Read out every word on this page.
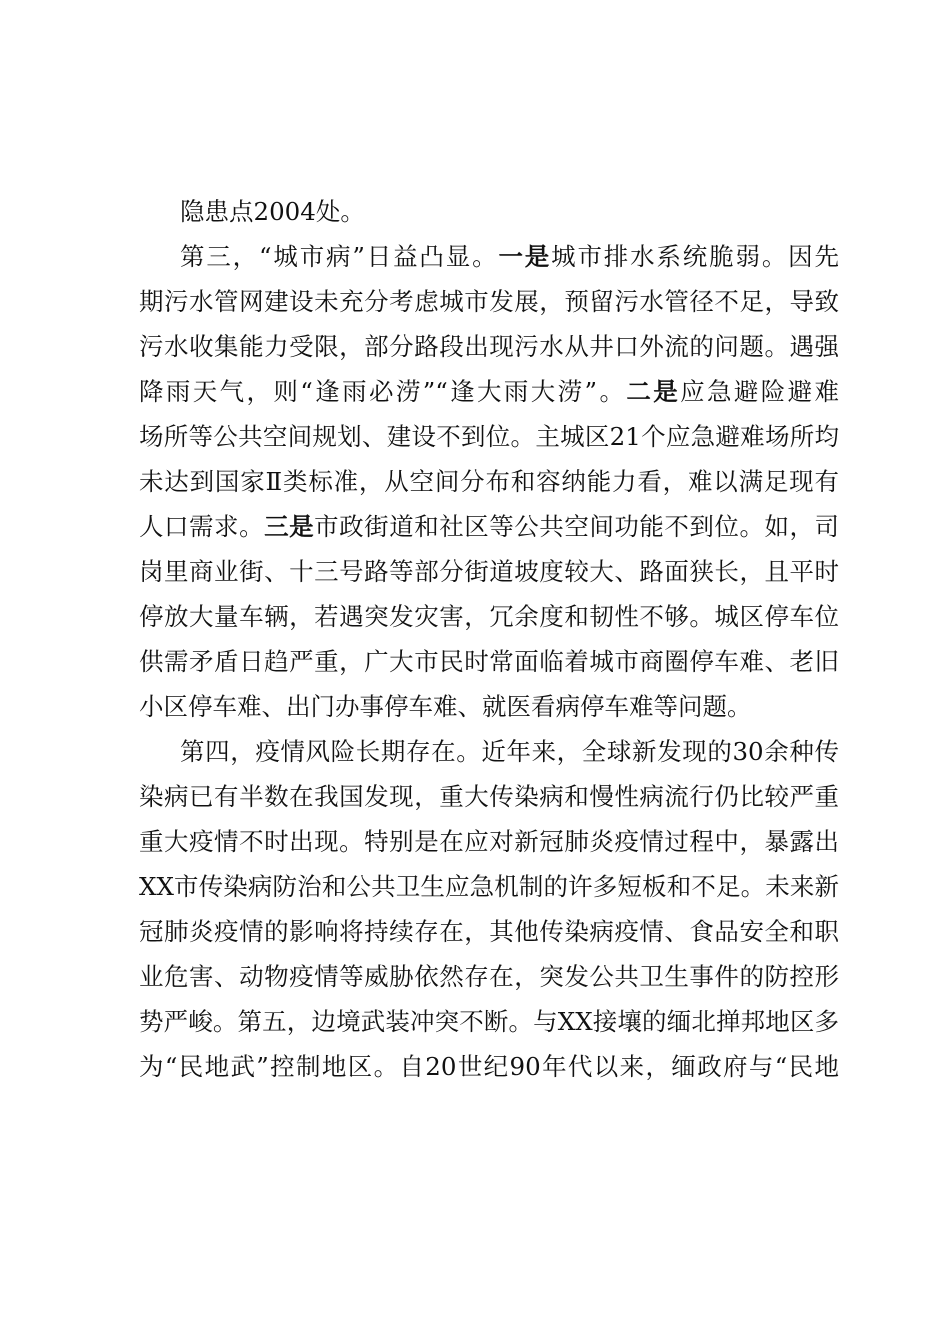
隐患点2004处。
第三，“城市病”日益凸显。一是城市排水系统脆弱。因先
期污水管网建设未充分考虑城市发展，预留污水管径不足，导致
污水收集能力受限，部分路段出现污水从井口外流的问题。遇强
降雨天气，则“逢雨必涝”“逢大雨大涝”。二是应急避险避难
场所等公共空间规划、建设不到位。主城区21个应急避难场所均
未达到国家Ⅱ类标准，从空间分布和容纳能力看，难以满足现有
人口需求。三是市政街道和社区等公共空间功能不到位。如，司
岗里商业街、十三号路等部分街道坡度较大、路面狭长，且平时
停放大量车辆，若遇突发灾害，冗余度和韧性不够。城区停车位
供需矛盾日趋严重，广大市民时常面临着城市商圈停车难、老旧
小区停车难、出门办事停车难、就医看病停车难等问题。
第四，疫情风险长期存在。近年来，全球新发现的30余种传
染病已有半数在我国发现，重大传染病和慢性病流行仍比较严重
重大疫情不时出现。特别是在应对新冠肺炎疫情过程中，暴露出
XX市传染病防治和公共卫生应急机制的许多短板和不足。未来新
冠肺炎疫情的影响将持续存在，其他传染病疫情、食品安全和职
业危害、动物疫情等威胁依然存在，突发公共卫生事件的防控形
势严峻。第五，边境武装冲突不断。与XX接壤的缅北掸邦地区多
为“民地武”控制地区。自20世纪90年代以来，缅政府与“民地
